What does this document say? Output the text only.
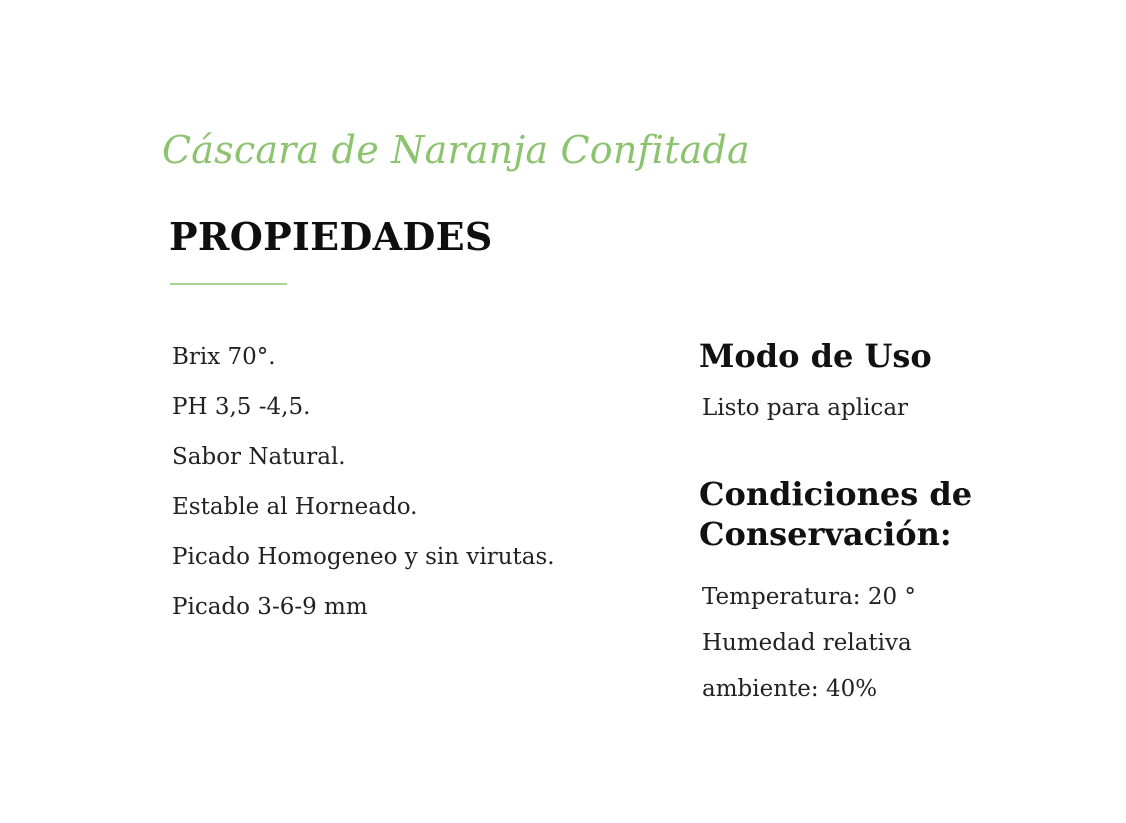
Cáscara de Naranja Confitada
PROPIEDADES
Brix 70°.
PH 3,5 -4,5.
Sabor Natural.
Estable al Horneado.
Picado Homogeneo y sin virutas.
Picado 3-6-9 mm
Modo de Uso
Listo para aplicar
Condiciones de Conservación:
Temperatura: 20 °
Humedad relativa ambiente: 40%
